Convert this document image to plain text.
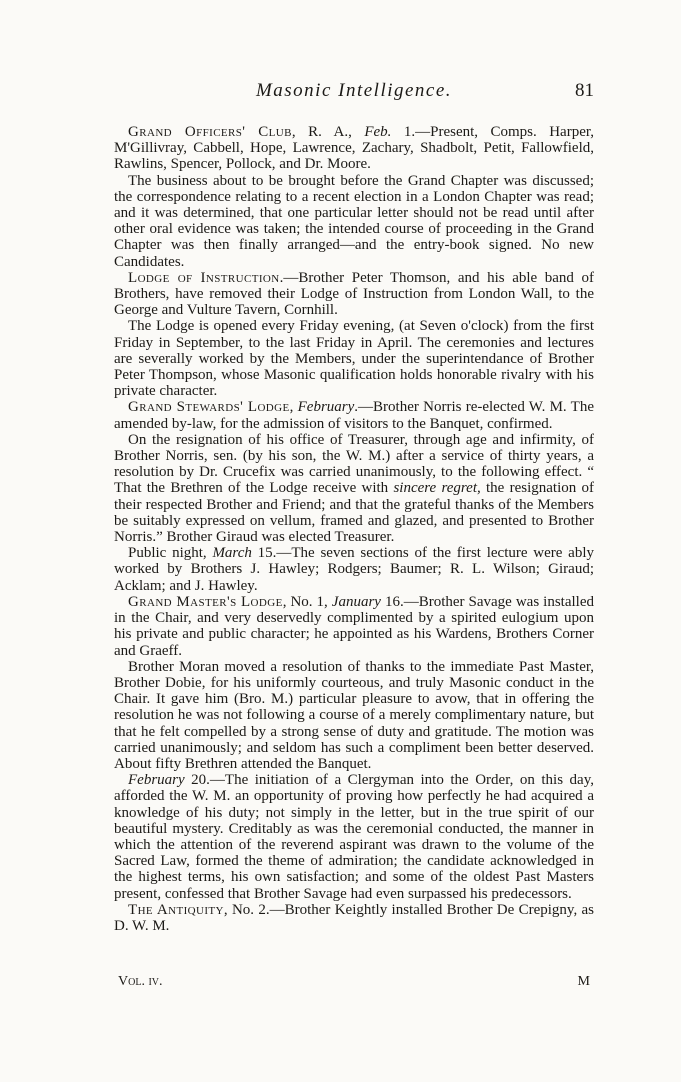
Masonic Intelligence.	81

Grand Officers' Club, R. A., Feb. 1.—Present, Comps. Harper, M'Gillivray, Cabbell, Hope, Lawrence, Zachary, Shadbolt, Petit, Fallowfield, Rawlins, Spencer, Pollock, and Dr. Moore.

The business about to be brought before the Grand Chapter was discussed; the correspondence relating to a recent election in a London Chapter was read; and it was determined, that one particular letter should not be read until after other oral evidence was taken; the intended course of proceeding in the Grand Chapter was then finally arranged—and the entry-book signed. No new Candidates.

Lodge of Instruction.—Brother Peter Thomson, and his able band of Brothers, have removed their Lodge of Instruction from London Wall, to the George and Vulture Tavern, Cornhill.

The Lodge is opened every Friday evening, (at Seven o'clock) from the first Friday in September, to the last Friday in April. The ceremonies and lectures are severally worked by the Members, under the superintendance of Brother Peter Thompson, whose Masonic qualification holds honorable rivalry with his private character.

Grand Stewards' Lodge, February.—Brother Norris re-elected W. M. The amended by-law, for the admission of visitors to the Banquet, confirmed.

On the resignation of his office of Treasurer, through age and infirmity, of Brother Norris, sen. (by his son, the W. M.) after a service of thirty years, a resolution by Dr. Crucefix was carried unanimously, to the following effect. “ That the Brethren of the Lodge receive with sincere regret, the resignation of their respected Brother and Friend; and that the grateful thanks of the Members be suitably expressed on vellum, framed and glazed, and presented to Brother Norris.” Brother Giraud was elected Treasurer.

Public night, March 15.—The seven sections of the first lecture were ably worked by Brothers J. Hawley; Rodgers; Baumer; R. L. Wilson; Giraud; Acklam; and J. Hawley.

Grand Master's Lodge, No. 1, January 16.—Brother Savage was installed in the Chair, and very deservedly complimented by a spirited eulogium upon his private and public character; he appointed as his Wardens, Brothers Corner and Graeff.

Brother Moran moved a resolution of thanks to the immediate Past Master, Brother Dobie, for his uniformly courteous, and truly Masonic conduct in the Chair. It gave him (Bro. M.) particular pleasure to avow, that in offering the resolution he was not following a course of a merely complimentary nature, but that he felt compelled by a strong sense of duty and gratitude. The motion was carried unanimously; and seldom has such a compliment been better deserved. About fifty Brethren attended the Banquet.

February 20.—The initiation of a Clergyman into the Order, on this day, afforded the W. M. an opportunity of proving how perfectly he had acquired a knowledge of his duty; not simply in the letter, but in the true spirit of our beautiful mystery. Creditably as was the ceremonial conducted, the manner in which the attention of the reverend aspirant was drawn to the volume of the Sacred Law, formed the theme of admiration; the candidate acknowledged in the highest terms, his own satisfaction; and some of the oldest Past Masters present, confessed that Brother Savage had even surpassed his predecessors.

The Antiquity, No. 2.—Brother Keightly installed Brother De Crepigny, as D. W. M.

Vol. iv.	M
